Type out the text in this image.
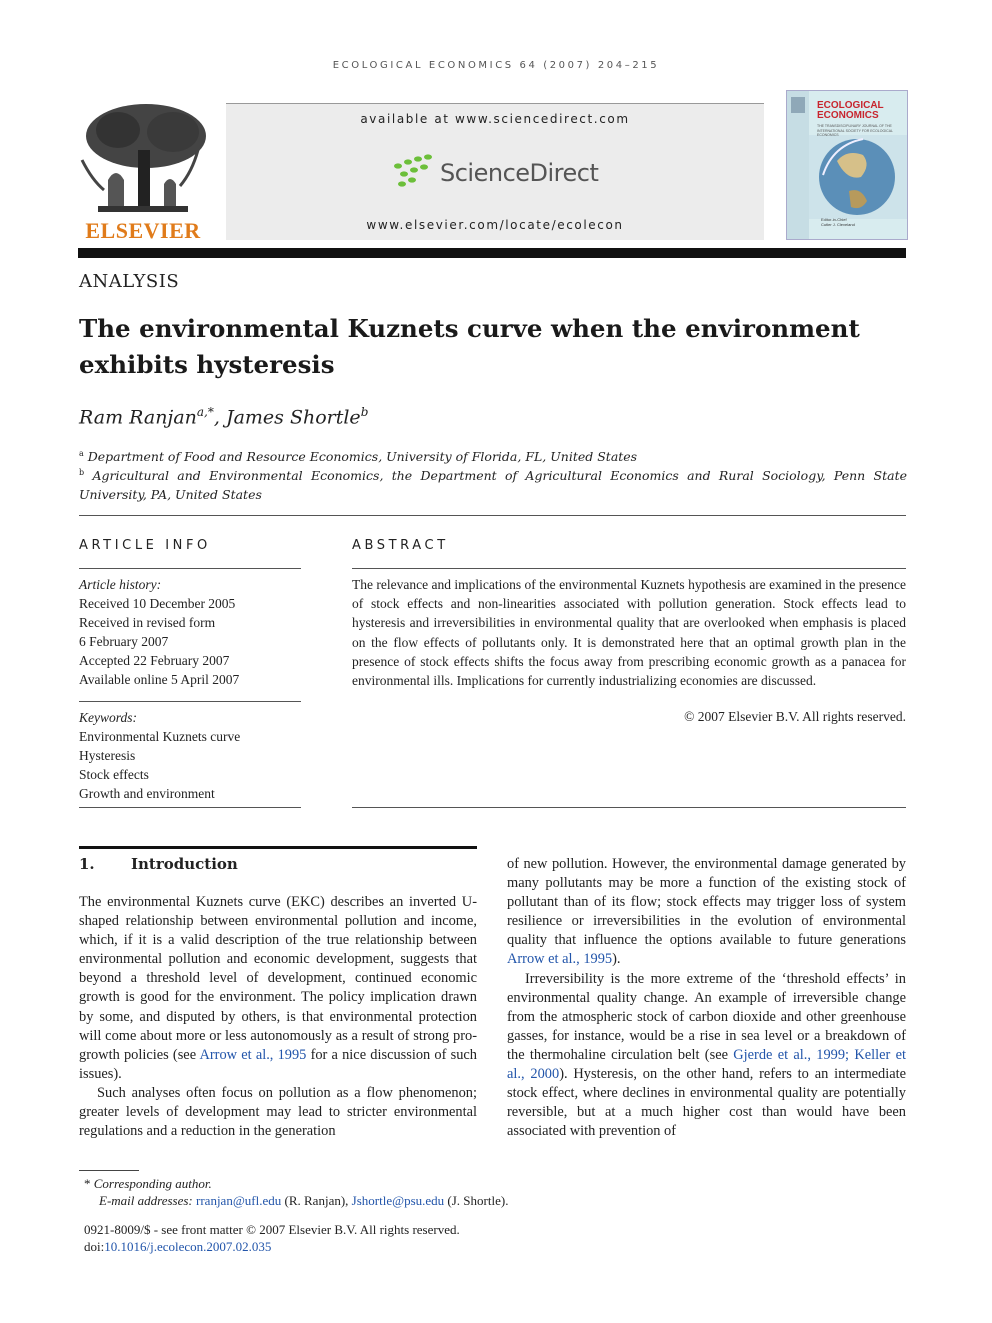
ECOLOGICAL ECONOMICS 64 (2007) 204–215
ELSEVIER
available at www.sciencedirect.com
ScienceDirect
www.elsevier.com/locate/ecolecon
ECOLOGICAL ECONOMICS
THE TRANSDISCIPLINARY JOURNAL OF THE INTERNATIONAL SOCIETY FOR ECOLOGICAL ECONOMICS
Editor-in-Chief
Cutler J. Cleveland
ANALYSIS
The environmental Kuznets curve when the environment exhibits hysteresis
Ram Ranjan$^{a,*}$, James Shortle$^b$
$^a$ Department of Food and Resource Economics, University of Florida, FL, United States
$^b$ Agricultural and Environmental Economics, the Department of Agricultural Economics and Rural Sociology, Penn State University, PA, United States
ARTICLE INFO
Article history:
Received 10 December 2005
Received in revised form
6 February 2007
Accepted 22 February 2007
Available online 5 April 2007
Keywords:
Environmental Kuznets curve
Hysteresis
Stock effects
Growth and environment
ABSTRACT
The relevance and implications of the environmental Kuznets hypothesis are examined in the presence of stock effects and non-linearities associated with pollution generation. Stock effects lead to hysteresis and irreversibilities in environmental quality that are overlooked when emphasis is placed on the flow effects of pollutants only. It is demonstrated here that an optimal growth plan in the presence of stock effects shifts the focus away from prescribing economic growth as a panacea for environmental ills. Implications for currently industrializing economies are discussed.
© 2007 Elsevier B.V. All rights reserved.
1. Introduction

The environmental Kuznets curve (EKC) describes an inverted U-shaped relationship between environmental pollution and income, which, if it is a valid description of the true relationship between environmental pollution and economic development, suggests that beyond a threshold level of development, continued economic growth is good for the environment. The policy implication drawn by some, and disputed by others, is that environmental protection will come about more or less autonomously as a result of strong pro-growth policies (see Arrow et al., 1995 for a nice discussion of such issues).

Such analyses often focus on pollution as a flow phenomenon; greater levels of development may lead to stricter environmental regulations and a reduction in the generation

of new pollution. However, the environmental damage generated by many pollutants may be more a function of the existing stock of pollutant than of its flow; stock effects may trigger loss of system resilience or irreversibilities in the evolution of environmental quality that influence the options available to future generations Arrow et al., 1995).

Irreversibility is the more extreme of the ‘threshold effects’ in environmental quality change. An example of irreversible change from the atmospheric stock of carbon dioxide and other greenhouse gasses, for instance, would be a rise in sea level or a breakdown of the thermohaline circulation belt (see Gjerde et al., 1999; Keller et al., 2000). Hysteresis, on the other hand, refers to an intermediate stock effect, where declines in environmental quality are potentially reversible, but at a much higher cost than would have been associated with prevention of

* Corresponding author.
E-mail addresses: rranjan@ufl.edu (R. Ranjan), Jshortle@psu.edu (J. Shortle).
0921-8009/$ - see front matter © 2007 Elsevier B.V. All rights reserved.
doi:10.1016/j.ecolecon.2007.02.035
